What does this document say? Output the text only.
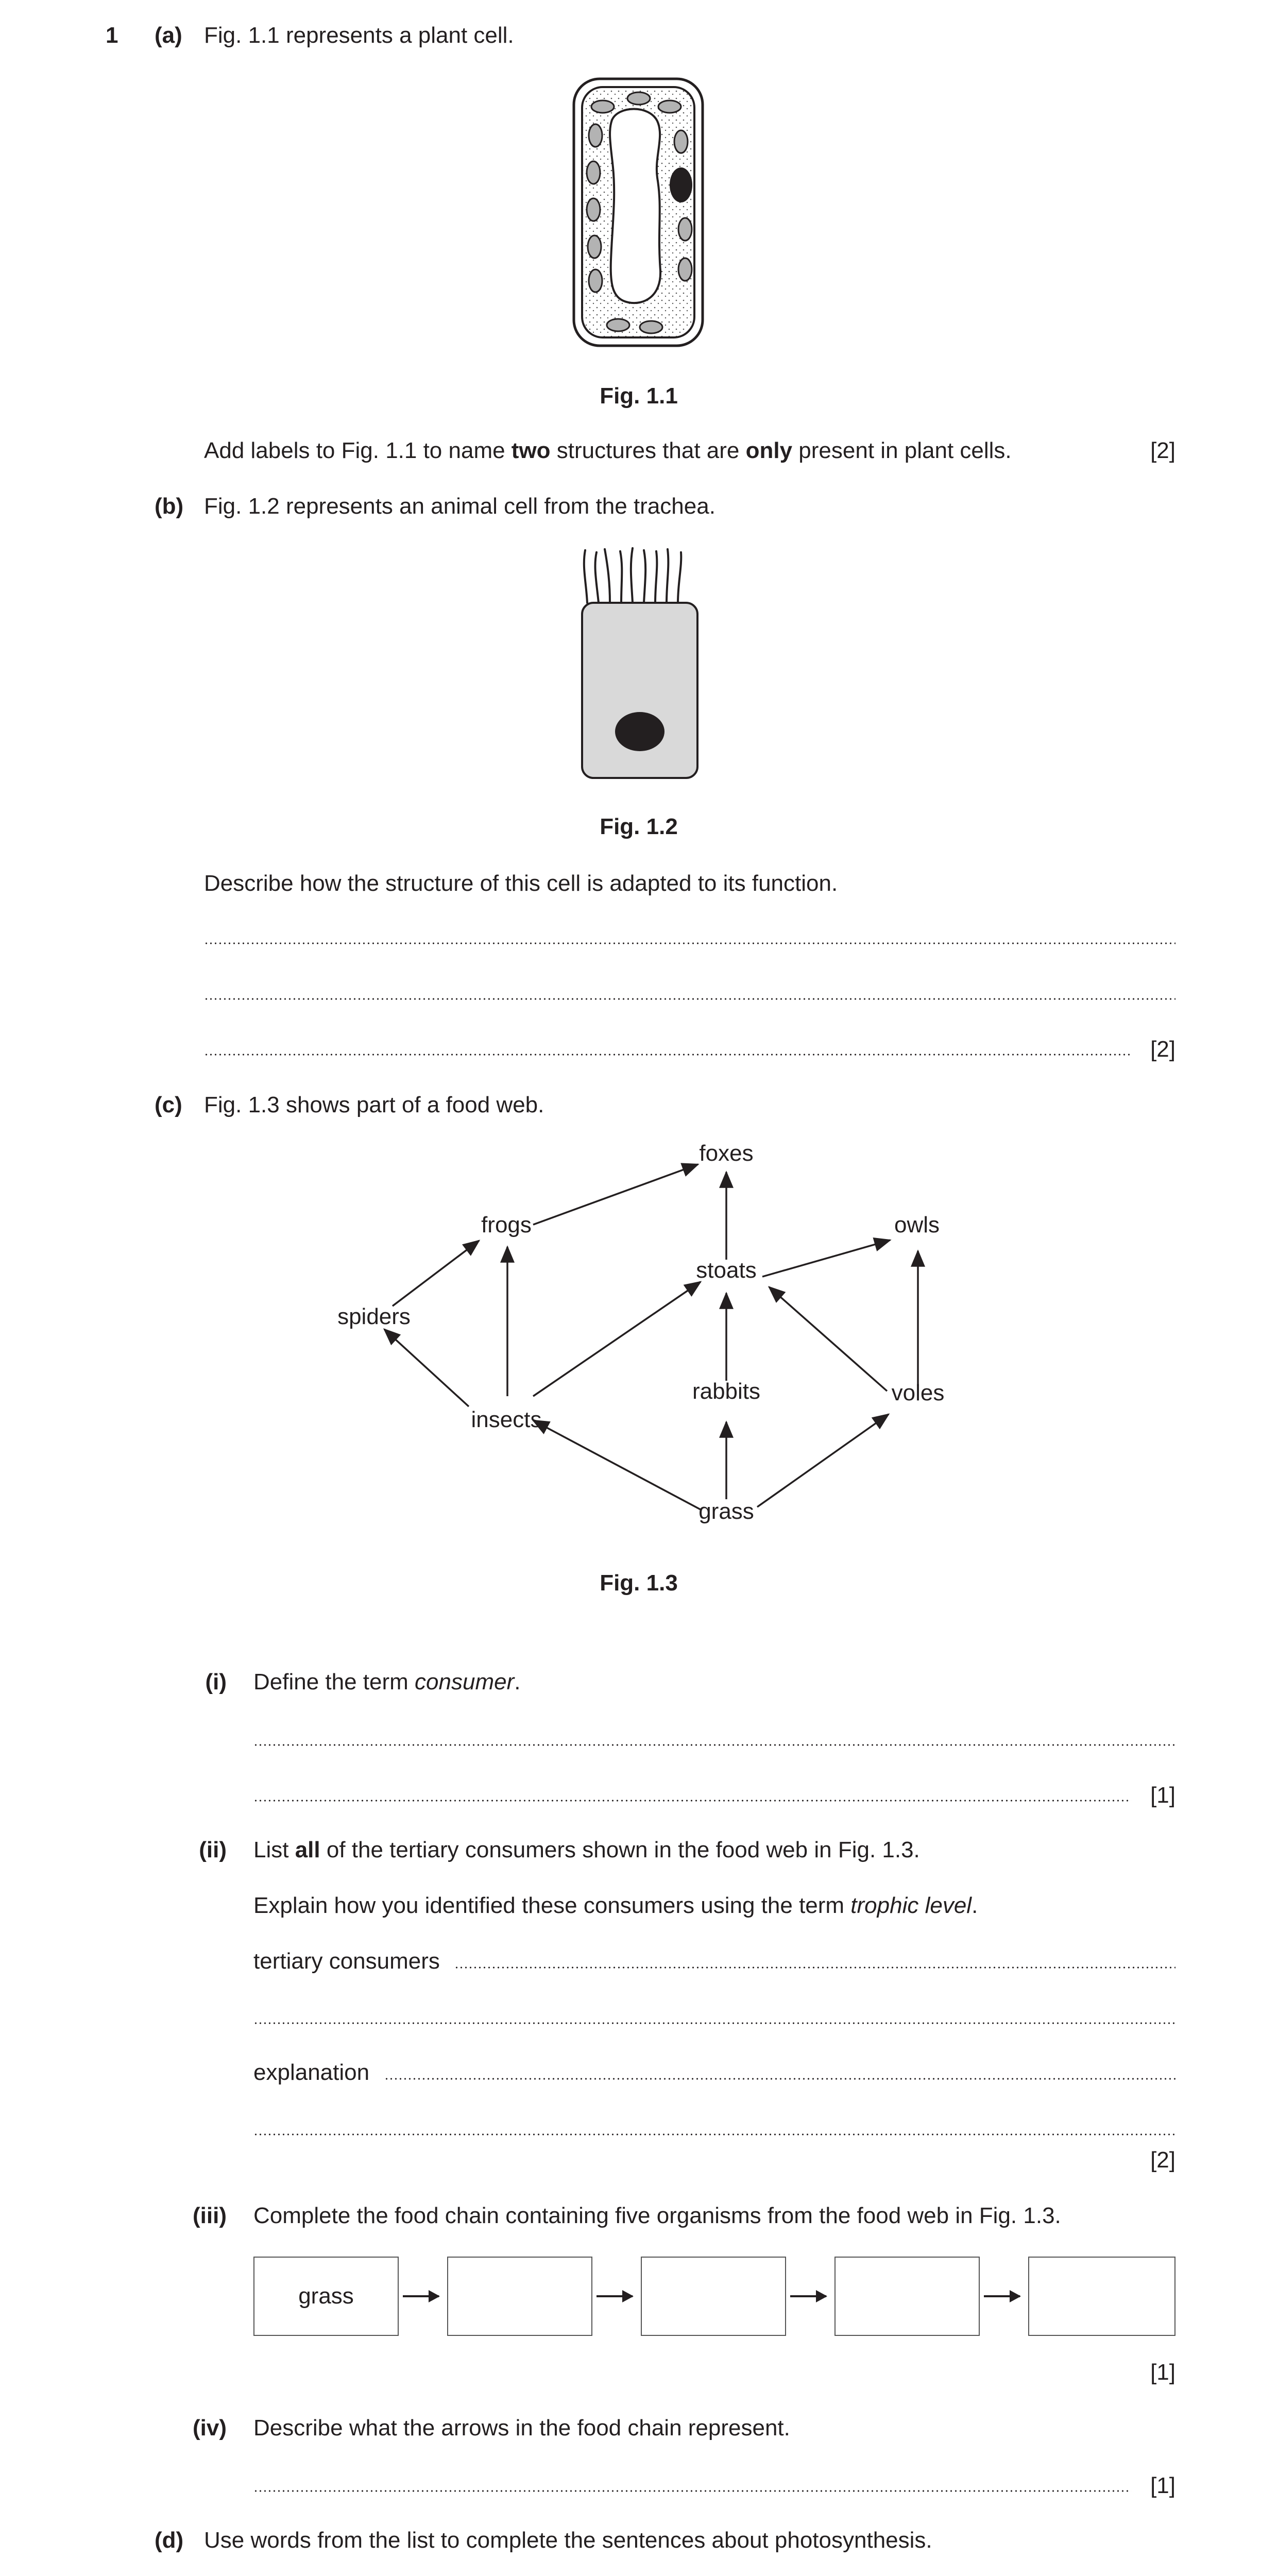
1 (a) Fig. 1.1 represents a plant cell.
Fig. 1.1
Add labels to Fig. 1.1 to name two structures that are only present in plant cells.	[2]
(b) Fig. 1.2 represents an animal cell from the trachea.
Fig. 1.2
Describe how the structure of this cell is adapted to its function.
[2]
(c) Fig. 1.3 shows part of a food web.
foxes
frogs	owls
stoats
spiders
rabbits
insects
voles
grass
Fig. 1.3
(i) Define the term consumer.
[1]
(ii) List all of the tertiary consumers shown in the food web in Fig. 1.3.
Explain how you identified these consumers using the term trophic level.
tertiary consumers
explanation
[2]
(iii) Complete the food chain containing five organisms from the food web in Fig. 1.3.
grass
[1]
(iv) Describe what the arrows in the food chain represent.
[1]
(d) Use words from the list to complete the sentences about photosynthesis.
